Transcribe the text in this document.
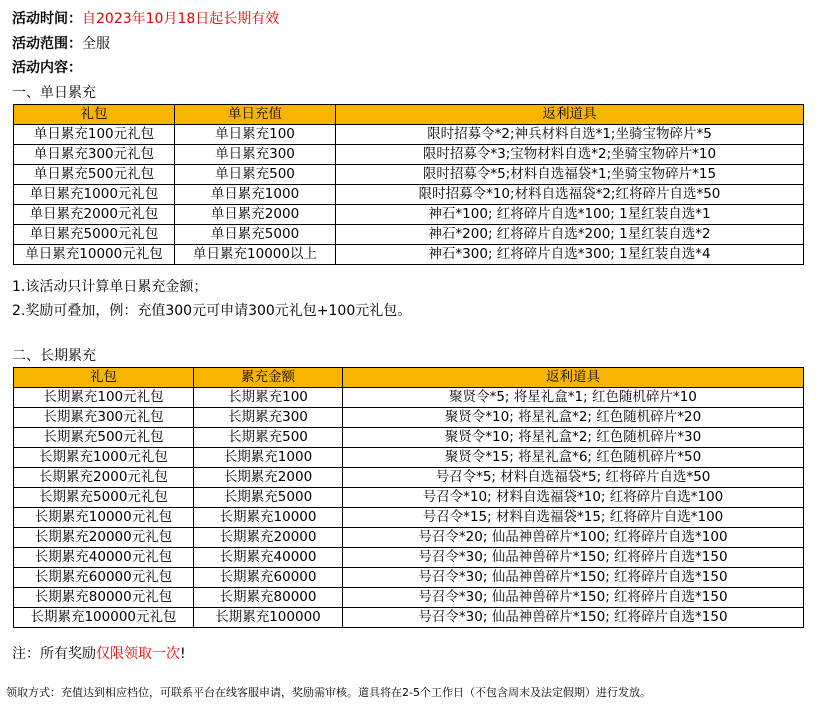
活动时间：自2023年10月18日起长期有效
活动范围：全服
活动内容：
一、单日累充
礼包	单日充值	返利道具
单日累充100元礼包	单日累充100	限时招募令*2;神兵材料自选*1;坐骑宝物碎片*5
单日累充300元礼包	单日累充300	限时招募令*3;宝物材料自选*2;坐骑宝物碎片*10
单日累充500元礼包	单日累充500	限时招募令*5;材料自选福袋*1;坐骑宝物碎片*15
单日累充1000元礼包	单日累充1000	限时招募令*10;材料自选福袋*2;红将碎片自选*50
单日累充2000元礼包	单日累充2000	神石*100; 红将碎片自选*100; 1星红装自选*1
单日累充5000元礼包	单日累充5000	神石*200; 红将碎片自选*200; 1星红装自选*2
单日累充10000元礼包	单日累充10000以上	神石*300; 红将碎片自选*300; 1星红装自选*4
1.该活动只计算单日累充金额；
2.奖励可叠加，例：充值300元可申请300元礼包+100元礼包。
二、长期累充
礼包	累充金额	返利道具
长期累充100元礼包	长期累充100	聚贤令*5; 将星礼盒*1; 红色随机碎片*10
长期累充300元礼包	长期累充300	聚贤令*10; 将星礼盒*2; 红色随机碎片*20
长期累充500元礼包	长期累充500	聚贤令*10; 将星礼盒*2; 红色随机碎片*30
长期累充1000元礼包	长期累充1000	聚贤令*15; 将星礼盒*6; 红色随机碎片*50
长期累充2000元礼包	长期累充2000	号召令*5; 材料自选福袋*5; 红将碎片自选*50
长期累充5000元礼包	长期累充5000	号召令*10; 材料自选福袋*10; 红将碎片自选*100
长期累充10000元礼包	长期累充10000	号召令*15; 材料自选福袋*15; 红将碎片自选*100
长期累充20000元礼包	长期累充20000	号召令*20; 仙品神兽碎片*100; 红将碎片自选*100
长期累充40000元礼包	长期累充40000	号召令*30; 仙品神兽碎片*150; 红将碎片自选*150
长期累充60000元礼包	长期累充60000	号召令*30; 仙品神兽碎片*150; 红将碎片自选*150
长期累充80000元礼包	长期累充80000	号召令*30; 仙品神兽碎片*150; 红将碎片自选*150
长期累充100000元礼包	长期累充100000	号召令*30; 仙品神兽碎片*150; 红将碎片自选*150
注：所有奖励仅限领取一次!
领取方式：充值达到相应档位，可联系平台在线客服申请，奖励需审核。道具将在2-5个工作日（不包含周末及法定假期）进行发放。
